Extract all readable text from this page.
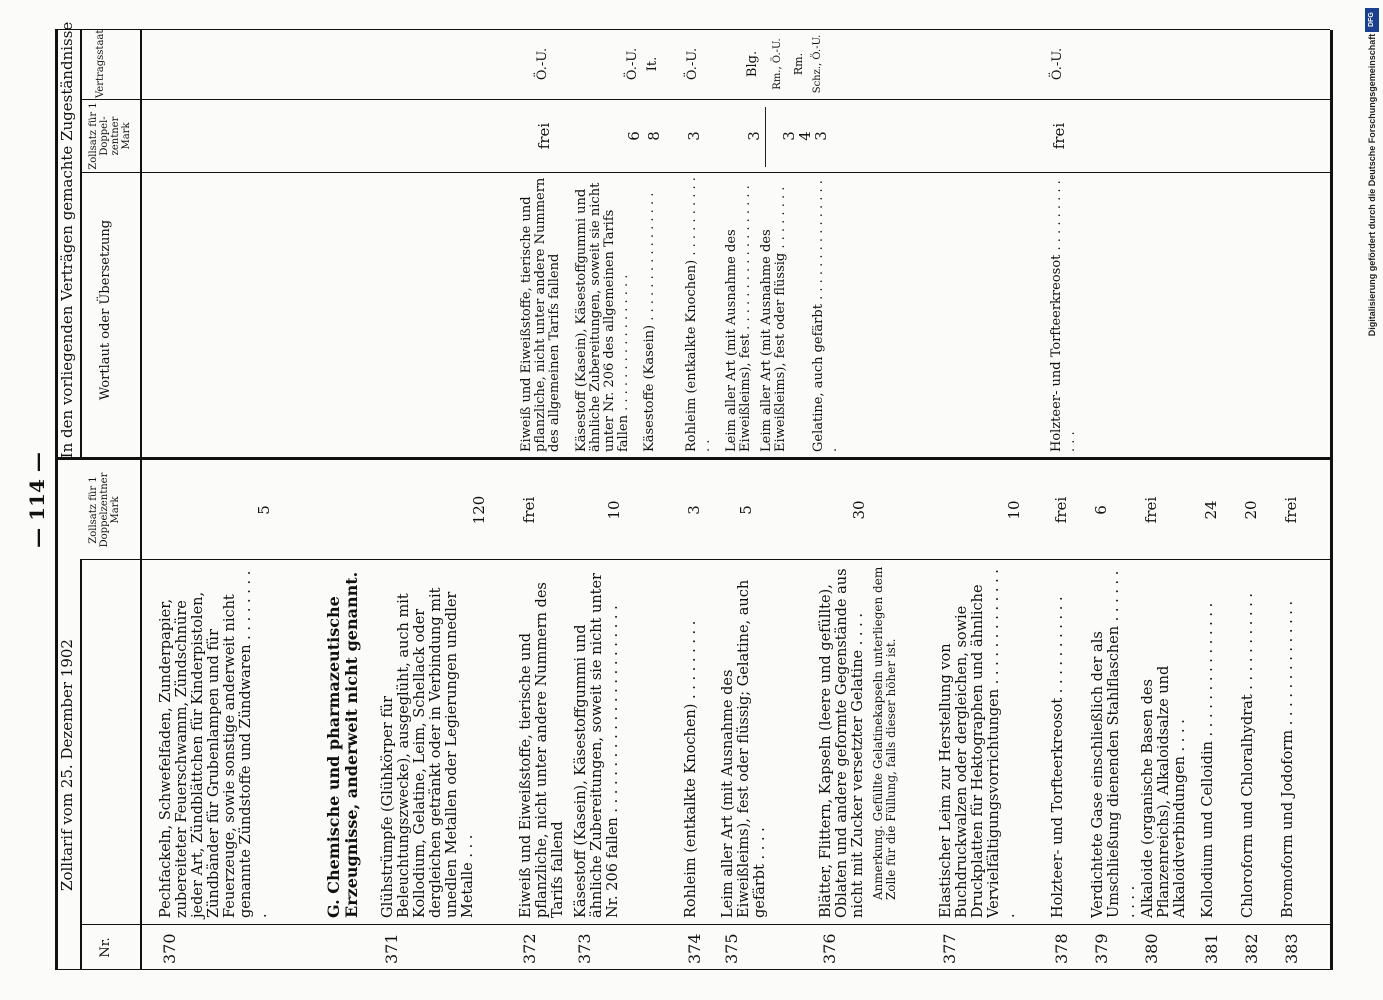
— 114 —
Zolltarif vom 25. Dezember 1902
In den vorliegenden Verträgen gemachte Zugeständnisse
Nr.
Zollsatz für 1 Doppelzentner Mark
Wortlaut oder Übersetzung
Zollsatz für 1 Doppel-zentner Mark
Vertragsstaat
370
Pechfackeln, Schwefelfaden, Zunderpapier, zubereiteter Feuerschwamm, Zündschnüre jeder Art, Zündblättchen für Kinderpistolen, Zündbänder für Grubenlampen und für Feuerzeuge, sowie sonstige anderweit nicht genannte Zündstoffe und Zündwaren . . . . . . . . .
5
G. Chemische und pharmazeutische Erzeugnisse, anderweit nicht genannt.
371
Glühstrümpfe (Glühkörper für Beleuchtungszwecke), ausgeglüht, auch mit Kollodium, Gelatine, Leim, Schellack oder dergleichen getränkt oder in Verbindung mit unedlen Metallen oder Legierungen unedler Metalle . . .
120
372
Eiweiß und Eiweißstoffe, tierische und pflanzliche, nicht unter andere Nummern des Tarifs fallend
frei
373
Käsestoff (Kasein), Käsestoffgummi und ähnliche Zubereitungen, soweit sie nicht unter Nr. 206 fallen . . . . . . . . . . . . . . . . . . . . . . .
10
374
Rohleim (entkalkte Knochen) . . . . . . . . .
3
375
Leim aller Art (mit Ausnahme des Eiweißleims), fest oder flüssig; Gelatine, auch gefärbt . . . .
5
376
Blätter, Flittern, Kapseln (leere und gefüllte), Oblaten und andere geformte Gegenstände aus nicht mit Zucker versetzter Gelatine . . . . Anmerkung. Gefüllte Gelatinekapseln unterliegen dem Zolle für die Füllung, falls dieser höher ist.
30
377
Elastischer Leim zur Herstellung von Buchdruckwalzen oder dergleichen, sowie Druckplatten für Hektographen und ähnliche Vervielfältigungsvorrichtungen . . . . . . . . . . . . . .
10
378
Holzteer- und Torfteerkreosot . . . . . . . . . . .
frei
379
Verdichtete Gase einschließlich der als Umschließung dienenden Stahlflaschen . . . . . . . . . .
6
380
Alkaloide (organische Basen des Pflanzenreichs), Alkaloidsalze und Alkaloidverbindungen . . . .
frei
381
Kollodium und Celloidin . . . . . . . . . . . . . . .
24
382
Chloroform und Chloralhydrat . . . . . . . . . . .
20
383
Bromoform und Jodoform . . . . . . . . . . . . . .
frei
Eiweiß und Eiweißstoffe, tierische und pflanzliche, nicht unter andere Nummern des allgemeinen Tarifs fallend
frei
Ö.-U.
Käsestoff (Kasein), Käsestoffgummi und ähnliche Zubereitungen, soweit sie nicht unter Nr. 206 des allgemeinen Tarifs fallen . . . . . . . . . . . . . . . . .
6
Ö.-U.
Käsestoffe (Kasein) . . . . . . . . . . . . . . . .
8
It.
Rohleim (entkalkte Knochen) . . . . . . . . . . . .
3
Ö.-U.
Leim aller Art (mit Ausnahme des Eiweißleims), fest . . . . . . . . . . . . . . . . . .
3
Blg.
Leim aller Art (mit Ausnahme des Eiweißleims), fest oder flüssig . . . . . . . .
3
Rm., Ö.-U.
Gelatine, auch gefärbt . . . . . . . . . . . . . . . .
4
Rm.
3
Schz., Ö.-U.
Holzteer- und Torfteerkreosot . . . . . . . . . . . .
frei
Ö.-U.
DFG
Digitalisierung gefördert durch die Deutsche Forschungsgemeinschaft
